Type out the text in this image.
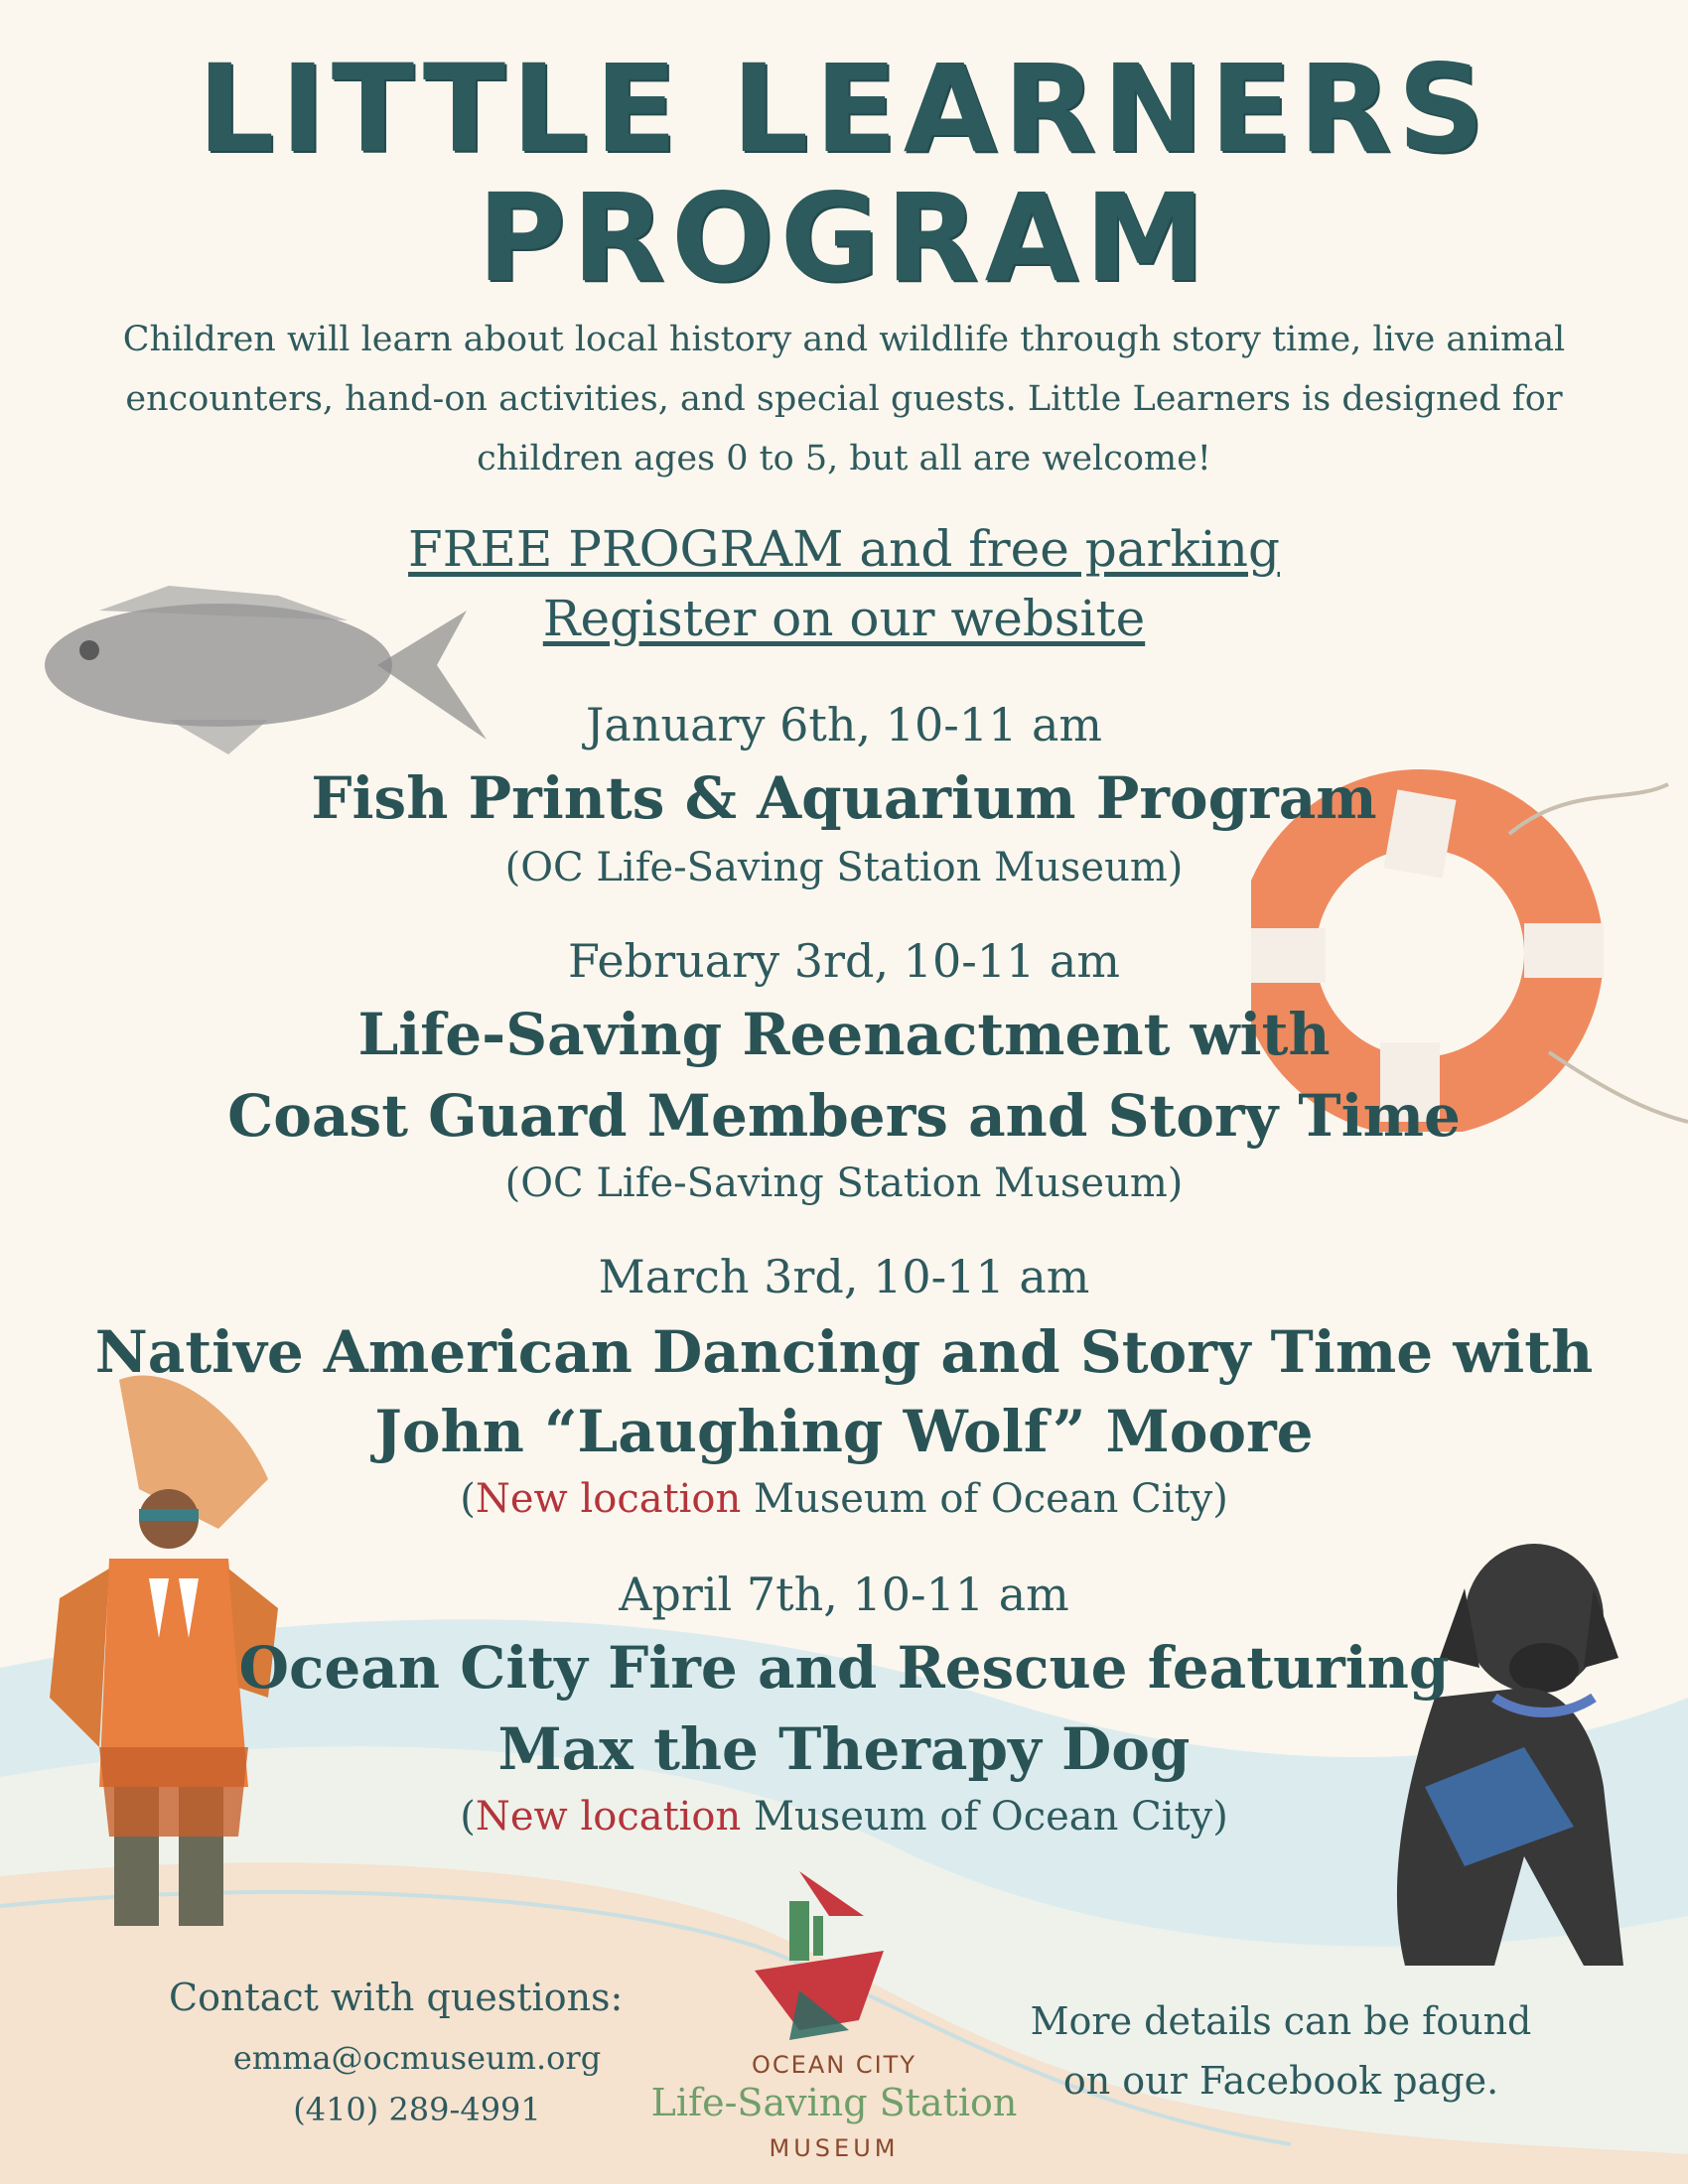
LITTLE LEARNERS
PROGRAM
Children will learn about local history and wildlife through story time, live animal encounters, hand-on activities, and special guests. Little Learners is designed for children ages 0 to 5, but all are welcome!
FREE PROGRAM and free parking
Register on our website
January 6th, 10-11 am
Fish Prints & Aquarium Program
(OC Life-Saving Station Museum)
February 3rd, 10-11 am
Life-Saving Reenactment with
Coast Guard Members and Story Time
(OC Life-Saving Station Museum)
March 3rd, 10-11 am
Native American Dancing and Story Time with
John “Laughing Wolf” Moore
(New location Museum of Ocean City)
April 7th, 10-11 am
Ocean City Fire and Rescue featuring
Max the Therapy Dog
(New location Museum of Ocean City)
Contact with questions:
emma@ocmuseum.org
(410) 289-4991
OCEAN CITY
Life-Saving Station
MUSEUM
More details can be found
on our Facebook page.
